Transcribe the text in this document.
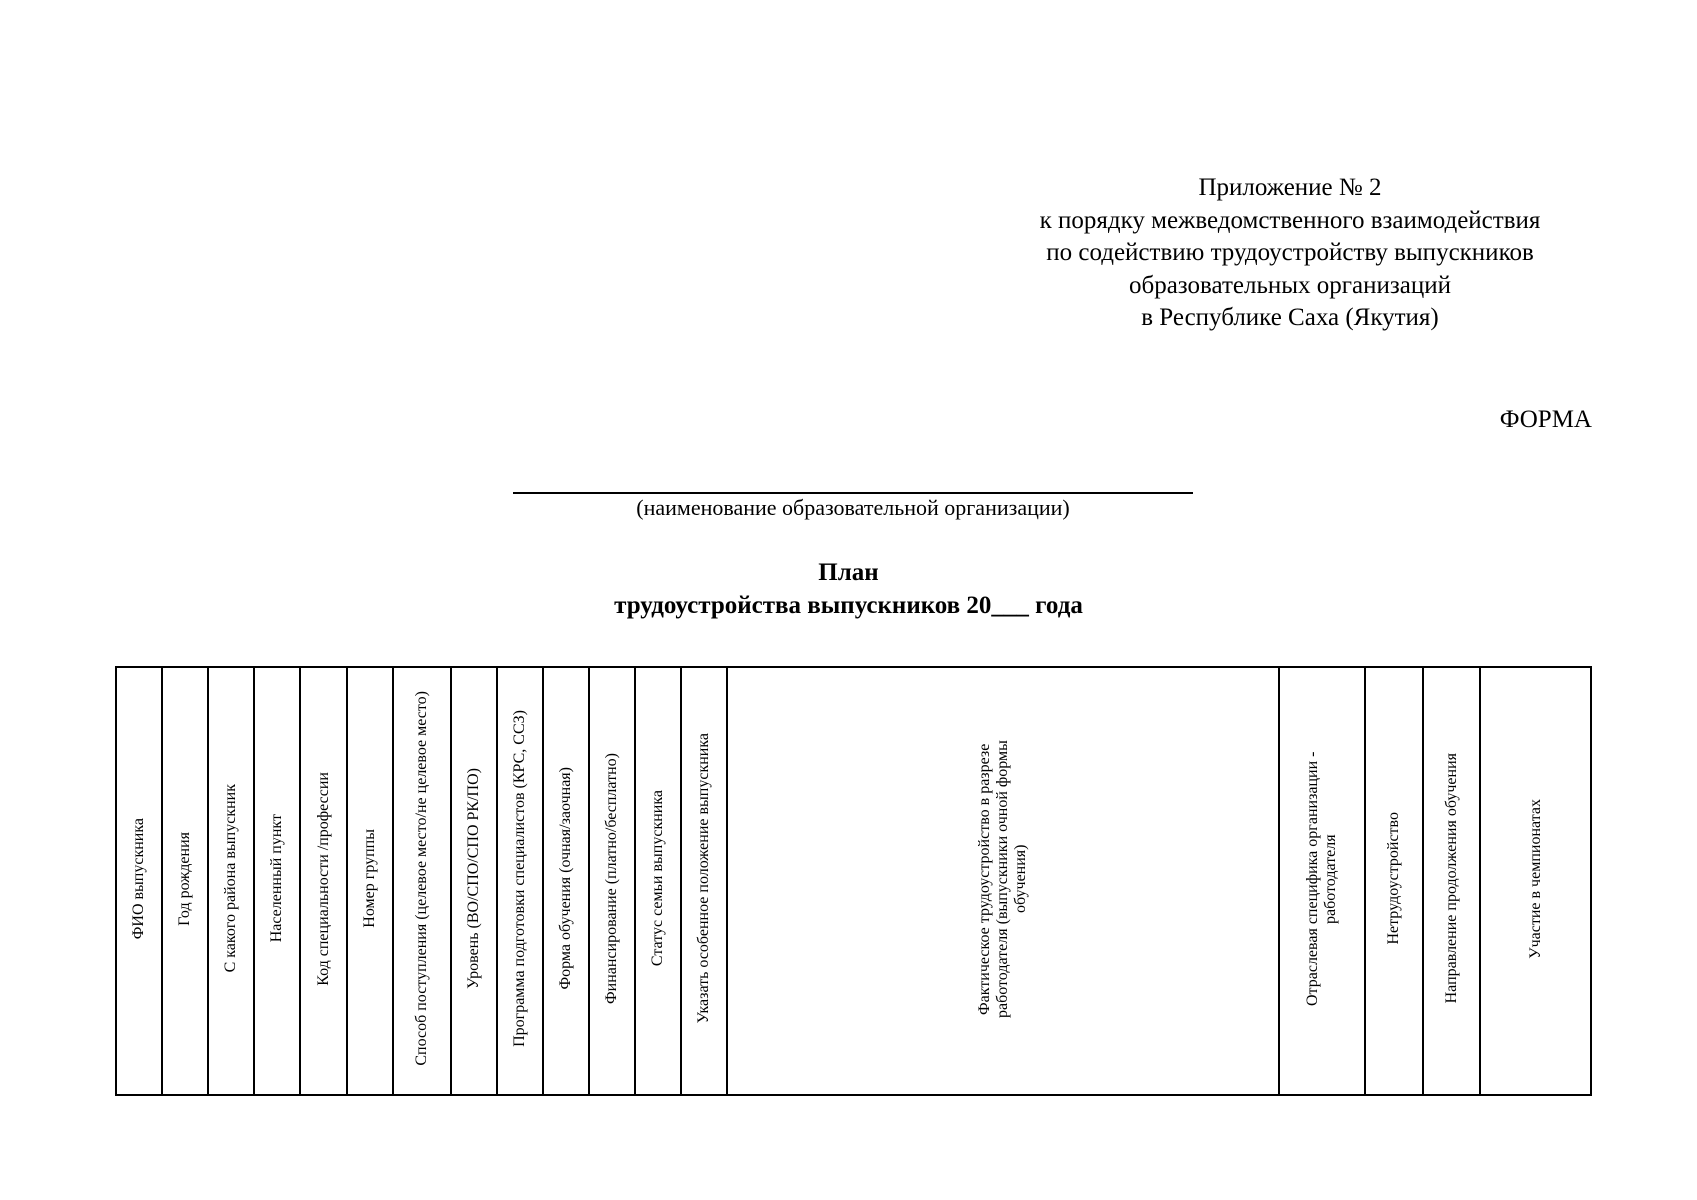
Приложение № 2
к порядку межведомственного взаимодействия
по содействию трудоустройству выпускников
образовательных организаций
в Республике Саха (Якутия)
ФОРМА
(наименование образовательной организации)
План
трудоустройства выпускников 20___ года
ФИО выпускника	Год рождения	С какого района выпускник	Населенный пункт	Код специальности /профессии	Номер группы	Способ поступления (целевое место/не целевое место)	Уровень (ВО/СПО/СПО РК/ПО)	Программа подготовки специалистов (КРС, ССЗ)	Форма обучения (очная/заочная)	Финансирование (платно/бесплатно)	Статус семьи выпускника	Указать особенное положение выпускника	Фактическое трудоустройство в разрезе работодателя (выпускники очной формы обучения)	Отраслевая специфика организации - работодателя	Нетрудоустройство	Направление продолжения обучения	Участие в чемпионатах
